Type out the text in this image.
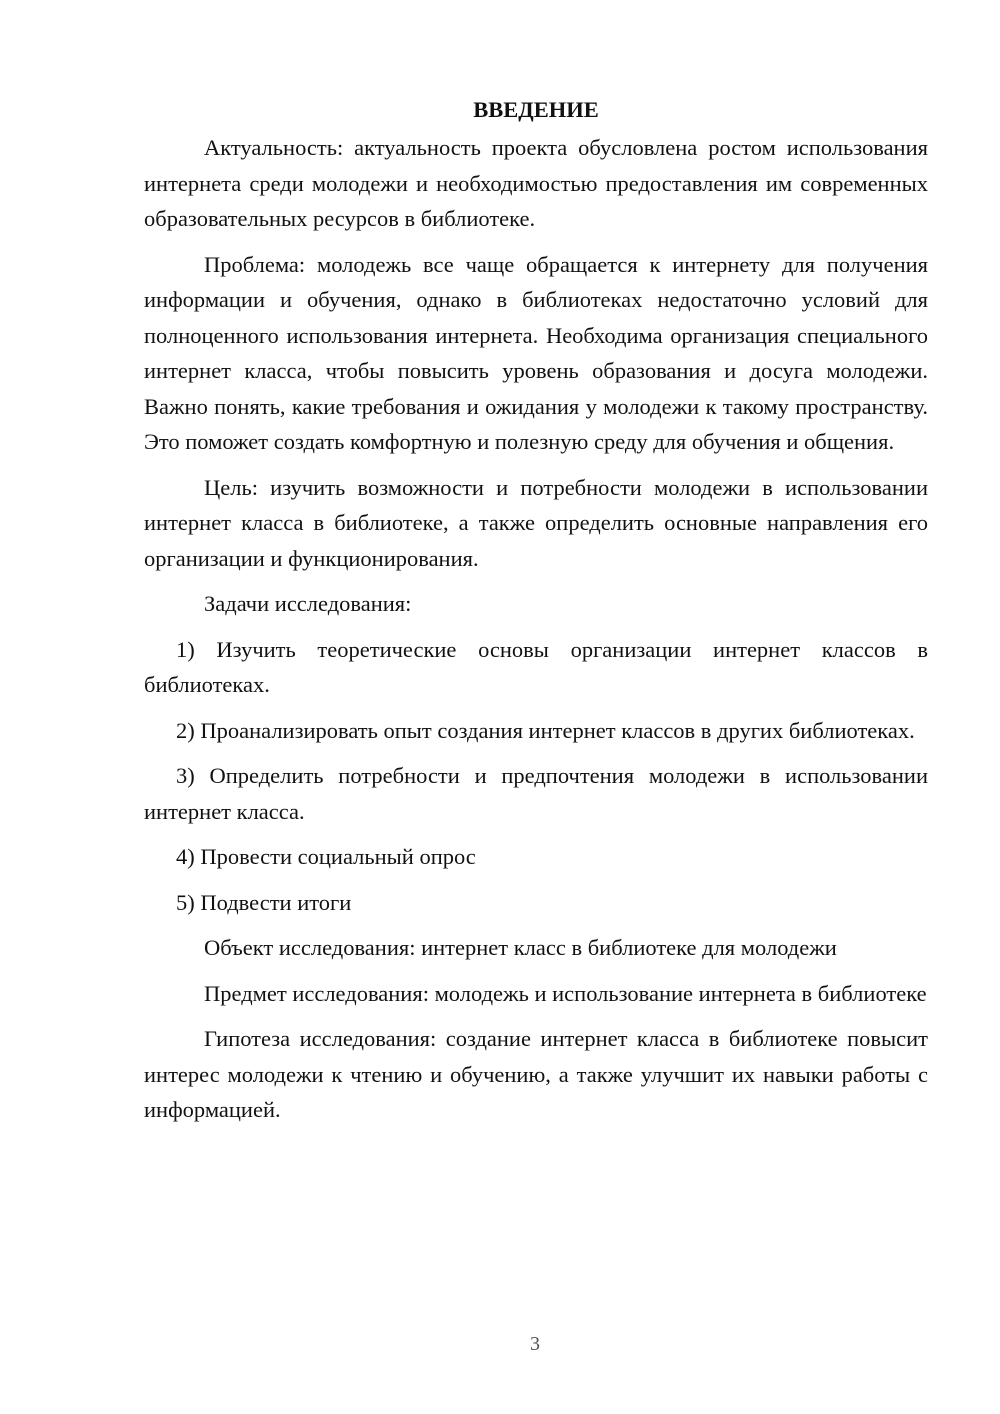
ВВЕДЕНИЕ

Актуальность: актуальность проекта обусловлена ростом использования интернета среди молодежи и необходимостью предоставления им современных образовательных ресурсов в библиотеке.

Проблема: молодежь все чаще обращается к интернету для получения информации и обучения, однако в библиотеках недостаточно условий для полноценного использования интернета. Необходима организация специального интернет класса, чтобы повысить уровень образования и досуга молодежи. Важно понять, какие требования и ожидания у молодежи к такому пространству. Это поможет создать комфортную и полезную среду для обучения и общения.

Цель: изучить возможности и потребности молодежи в использовании интернет класса в библиотеке, а также определить основные направления его организации и функционирования.

Задачи исследования:

1) Изучить теоретические основы организации интернет классов в библиотеках.

2) Проанализировать опыт создания интернет классов в других библиотеках.

3) Определить потребности и предпочтения молодежи в использовании интернет класса.

4) Провести социальный опрос

5) Подвести итоги

Объект исследования: интернет класс в библиотеке для молодежи

Предмет исследования: молодежь и использование интернета в библиотеке

Гипотеза исследования: создание интернет класса в библиотеке повысит интерес молодежи к чтению и обучению, а также улучшит их навыки работы с информацией.

3
